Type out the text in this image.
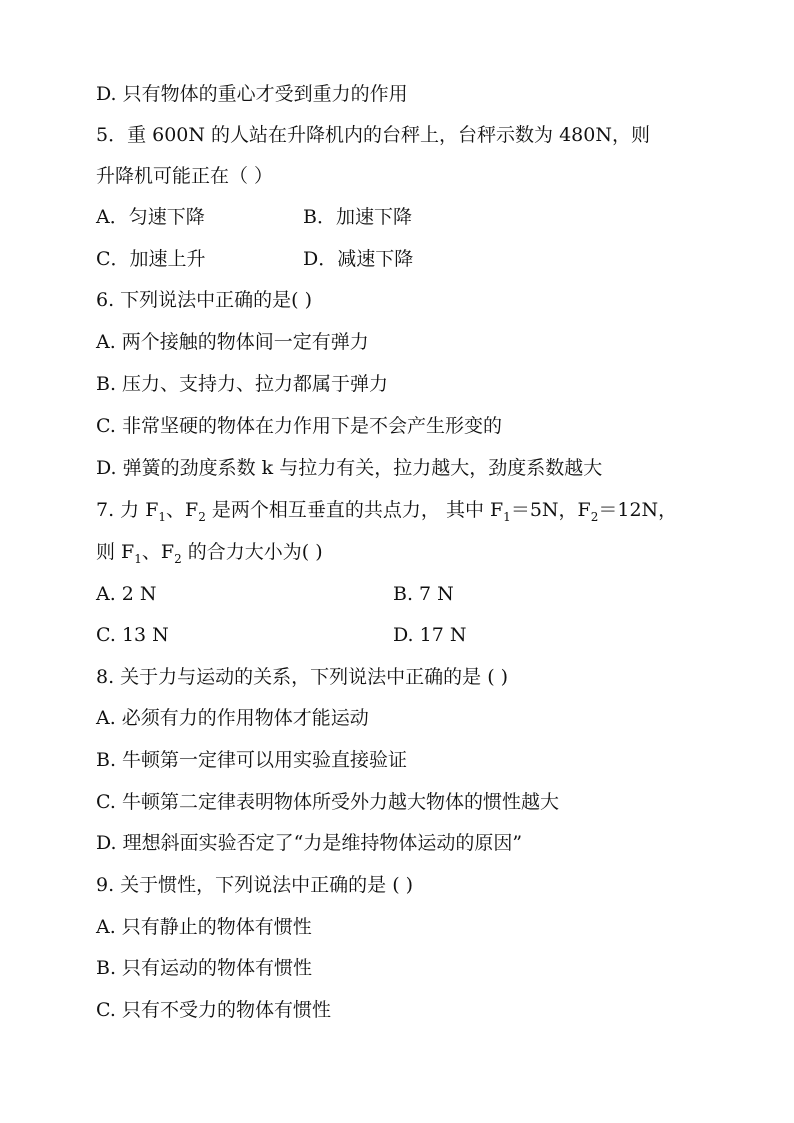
D. 只有物体的重心才受到重力的作用
5．重 600N 的人站在升降机内的台秤上，台秤示数为 480N，则
升降机可能正在（ ）
A．匀速下降	B．加速下降
C．加速上升	D．减速下降
6. 下列说法中正确的是( )
A. 两个接触的物体间一定有弹力
B. 压力、支持力、拉力都属于弹力
C. 非常坚硬的物体在力作用下是不会产生形变的
D. 弹簧的劲度系数 k 与拉力有关，拉力越大，劲度系数越大
7. 力 $F_1$、$F_2$ 是两个相互垂直的共点力， 其中 $F_1=5N$，$F_2=12N$，
则 $F_1$、$F_2$ 的合力大小为( )
A. 2 N	B. 7 N
C. 13 N	D. 17 N
8. 关于力与运动的关系，下列说法中正确的是 ( )
A. 必须有力的作用物体才能运动
B. 牛顿第一定律可以用实验直接验证
C. 牛顿第二定律表明物体所受外力越大物体的惯性越大
D. 理想斜面实验否定了“力是维持物体运动的原因”
9. 关于惯性，下列说法中正确的是 ( )
A. 只有静止的物体有惯性
B. 只有运动的物体有惯性
C. 只有不受力的物体有惯性
